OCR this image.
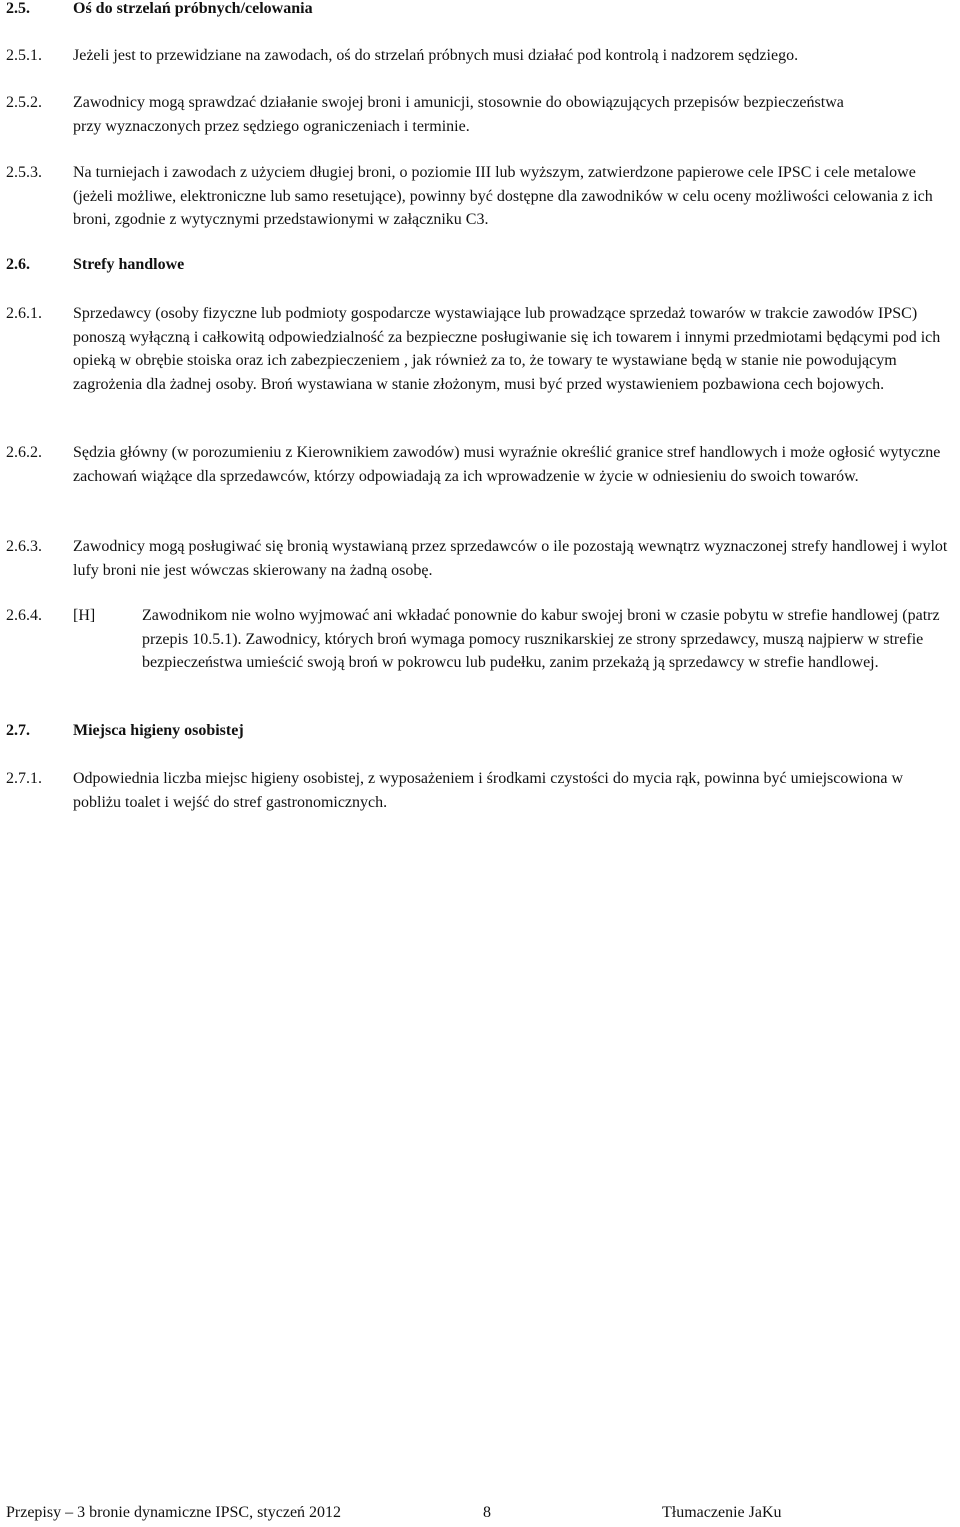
2.5.	Oś do strzelań próbnych/celowania
2.5.1.	Jeżeli jest to przewidziane na zawodach, oś do strzelań próbnych musi działać pod kontrolą i nadzorem sędziego.
2.5.2.	Zawodnicy mogą sprawdzać działanie swojej broni i amunicji, stosownie do obowiązujących przepisów bezpieczeństwa przy wyznaczonych przez sędziego ograniczeniach i terminie.
2.5.3.	Na turniejach i zawodach z użyciem długiej broni, o poziomie III lub wyższym, zatwierdzone papierowe cele IPSC i cele metalowe (jeżeli możliwe, elektroniczne lub samo resetujące), powinny być dostępne dla zawodników w celu oceny możliwości celowania z ich broni, zgodnie z wytycznymi przedstawionymi w załączniku C3.
2.6.	Strefy handlowe
2.6.1.	Sprzedawcy (osoby fizyczne lub podmioty gospodarcze wystawiające lub prowadzące sprzedaż towarów w trakcie zawodów IPSC) ponoszą wyłączną i całkowitą odpowiedzialność za bezpieczne posługiwanie się ich towarem i innymi przedmiotami będącymi pod ich opieką w obrębie stoiska oraz ich zabezpieczeniem , jak również za to, że towary te wystawiane będą w stanie nie powodującym zagrożenia dla żadnej osoby. Broń wystawiana w stanie złożonym, musi być przed wystawieniem pozbawiona cech bojowych.
2.6.2.	Sędzia główny (w porozumieniu z Kierownikiem zawodów) musi wyraźnie określić granice stref handlowych i może ogłosić wytyczne zachowań wiążące dla sprzedawców, którzy odpowiadają za ich wprowadzenie w życie w odniesieniu do swoich towarów.
2.6.3.	Zawodnicy mogą posługiwać się bronią wystawianą przez sprzedawców o ile pozostają wewnątrz wyznaczonej strefy handlowej i wylot lufy broni nie jest wówczas skierowany na żadną osobę.
2.6.4.	[H]	Zawodnikom nie wolno wyjmować ani wkładać ponownie do kabur swojej broni w czasie pobytu w strefie handlowej (patrz przepis 10.5.1). Zawodnicy, których broń wymaga pomocy rusznikarskiej ze strony sprzedawcy, muszą najpierw w strefie bezpieczeństwa umieścić swoją broń w pokrowcu lub pudełku, zanim przekażą ją sprzedawcy w strefie handlowej.
2.7.	Miejsca higieny osobistej
2.7.1.	Odpowiednia liczba miejsc higieny osobistej, z wyposażeniem i środkami czystości do mycia rąk, powinna być umiejscowiona w pobliżu toalet i wejść do stref gastronomicznych.
Przepisy – 3 bronie dynamiczne IPSC, styczeń 2012	8	Tłumaczenie JaKu
